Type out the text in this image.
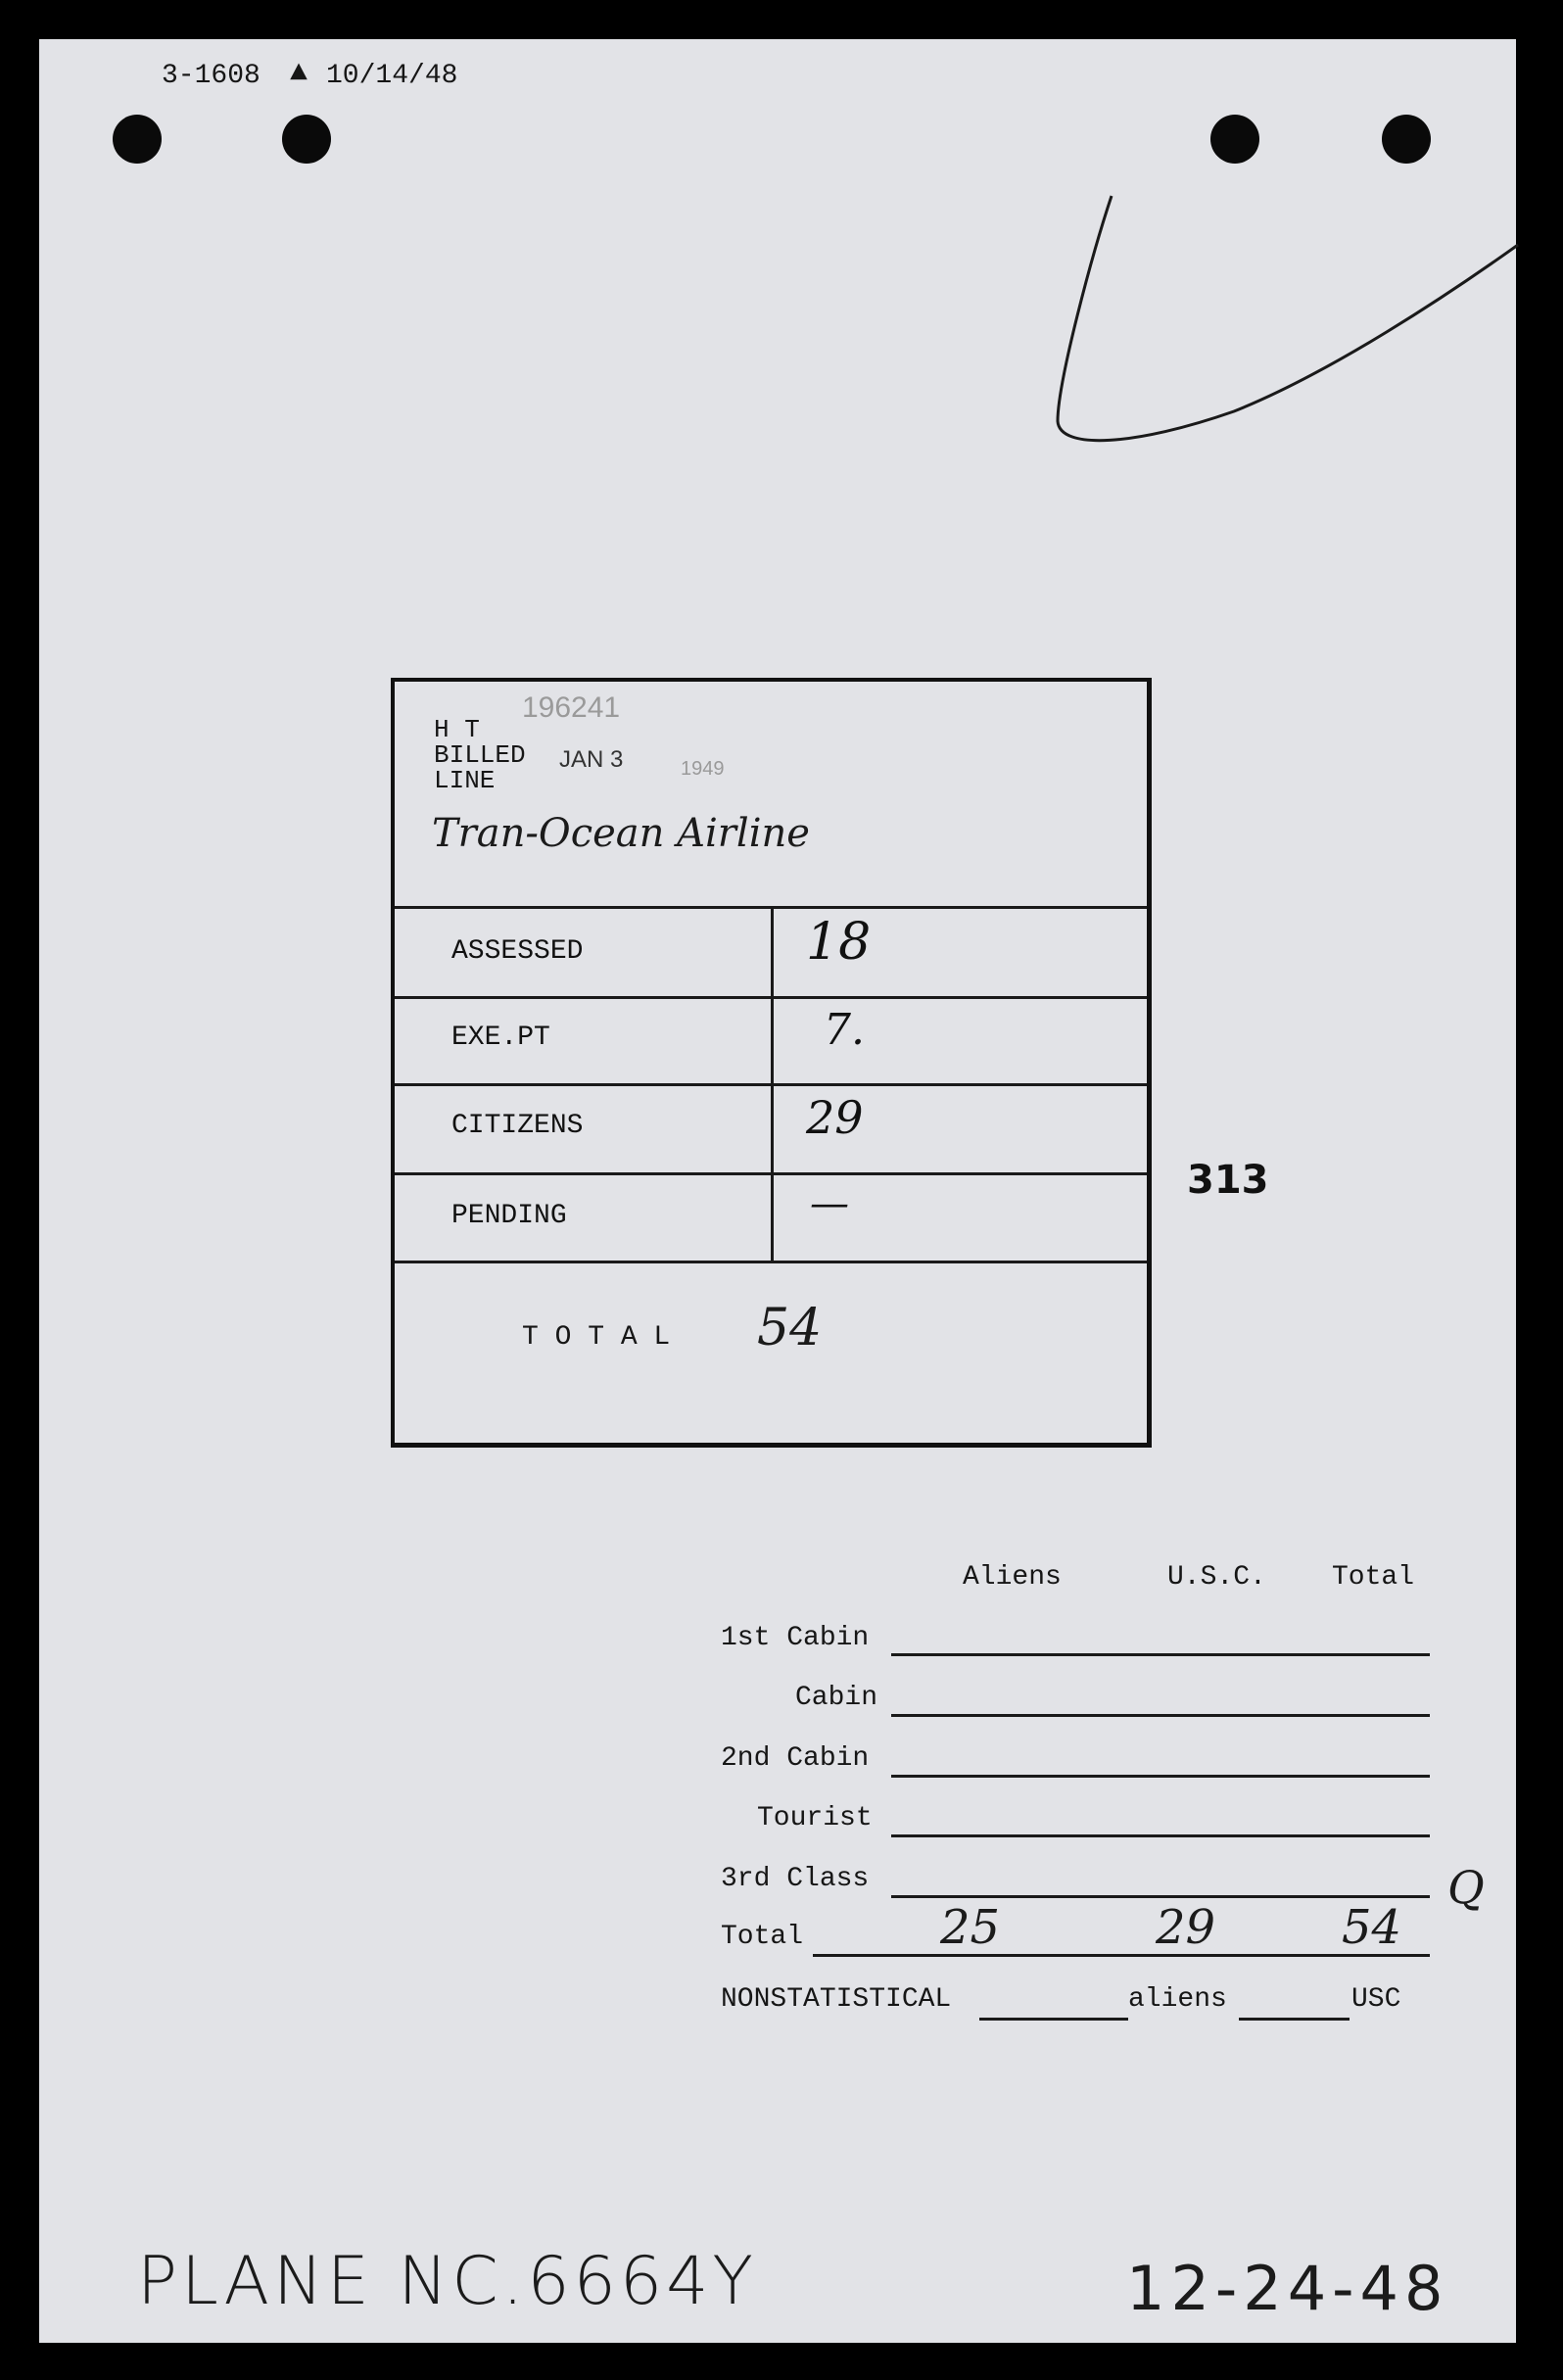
3-1608 ▲ 10/14/48
196241
H T
BILLED JAN 3	1949
LINE
Tran-Ocean Airline
ASSESSED	18
EXE.PT	7.
CITIZENS	29
PENDING	—
T O T A L 54
313
Aliens	U.S.C. Total
1st Cabin
Cabin
2nd Cabin
Tourist
3rd Class
Total	25	29	54
Q
NONSTATISTICAL	aliens	USC
PLANE NC.6664Y	12-24-48
